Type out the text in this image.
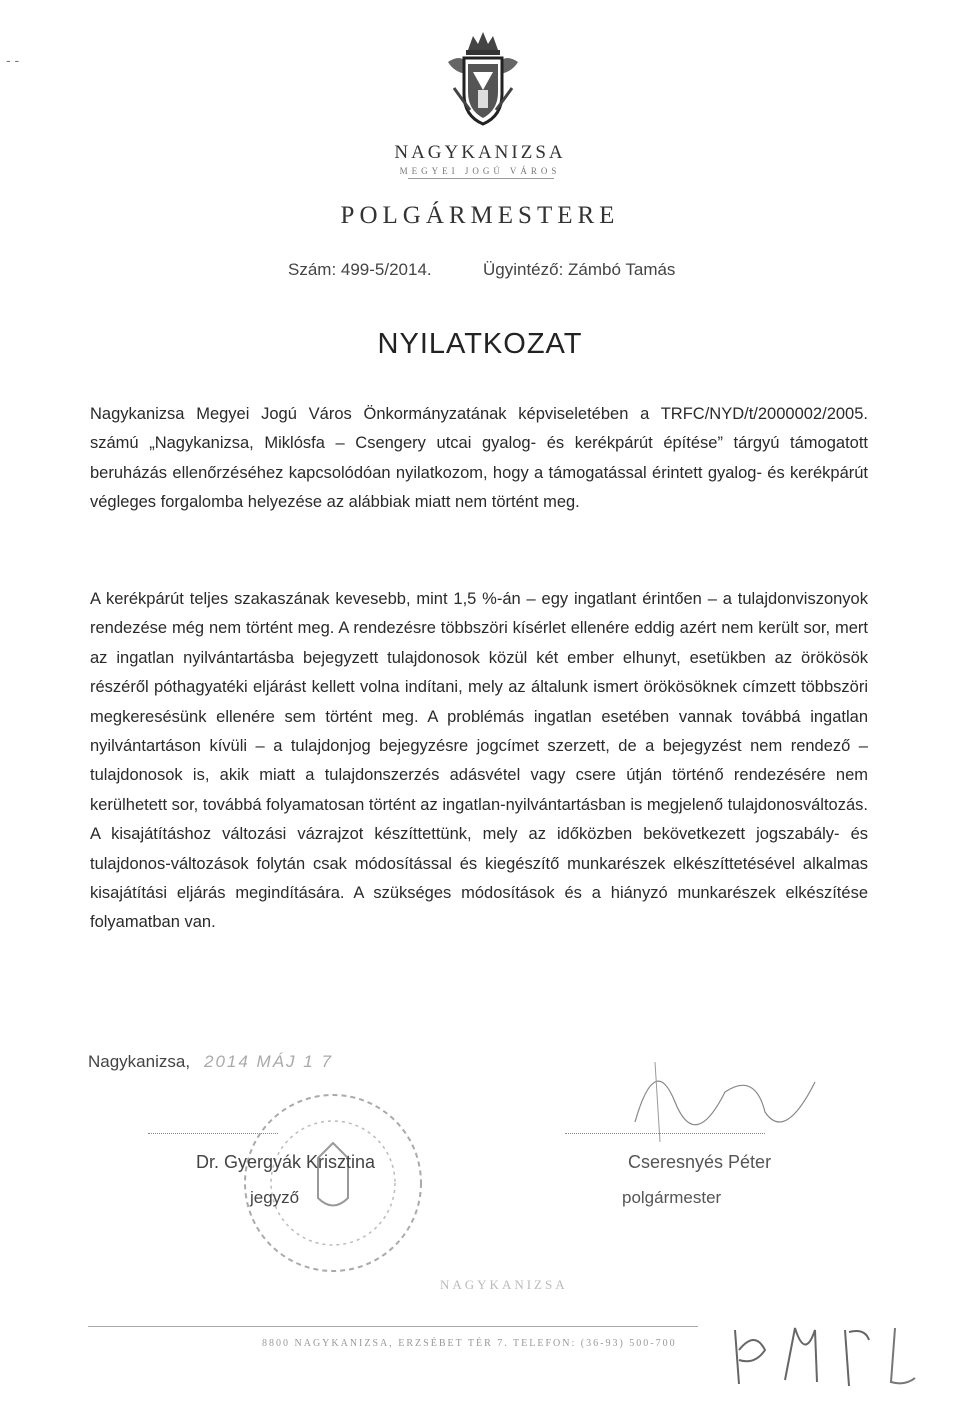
- -
NAGYKANIZSA
MEGYEI JOGÚ VÁROS
POLGÁRMESTERE
Szám: 499-5/2014.	Ügyintéző: Zámbó Tamás
NYILATKOZAT
Nagykanizsa Megyei Jogú Város Önkormányzatának képviseletében a TRFC/NYD/t/2000002/2005. számú „Nagykanizsa, Miklósfa – Csengery utcai gyalog- és kerékpárút építése” tárgyú támogatott beruházás ellenőrzéséhez kapcsolódóan nyilatkozom, hogy a támogatással érintett gyalog- és kerékpárút végleges forgalomba helyezése az alábbiak miatt nem történt meg.
A kerékpárút teljes szakaszának kevesebb, mint 1,5 %-án – egy ingatlant érintően – a tulajdonviszonyok rendezése még nem történt meg. A rendezésre többszöri kísérlet ellenére eddig azért nem került sor, mert az ingatlan nyilvántartásba bejegyzett tulajdonosok közül két ember elhunyt, esetükben az örökösök részéről póthagyatéki eljárást kellett volna indítani, mely az általunk ismert örökösöknek címzett többszöri megkeresésünk ellenére sem történt meg. A problémás ingatlan esetében vannak továbbá ingatlan nyilvántartáson kívüli – a tulajdonjog bejegyzésre jogcímet szerzett, de a bejegyzést nem rendező – tulajdonosok is, akik miatt a tulajdonszerzés adásvétel vagy csere útján történő rendezésére nem kerülhetett sor, továbbá folyamatosan történt az ingatlan-nyilvántartásban is megjelenő tulajdonosváltozás. A kisajátításhoz változási vázrajzot készíttettünk, mely az időközben bekövetkezett jogszabály- és tulajdonos-változások folytán csak módosítással és kiegészítő munkarészek elkészíttetésével alkalmas kisajátítási eljárás megindítására. A szükséges módosítások és a hiányzó munkarészek elkészítése folyamatban van.
Nagykanizsa, 2014 MÁJ 1 7
Dr. Gyergyák Krisztina
jegyző
Cseresnyés Péter
polgármester
NAGYKANIZSA
8800 NAGYKANIZSA, ERZSÉBET TÉR 7. TELEFON: (36-93) 500-700
